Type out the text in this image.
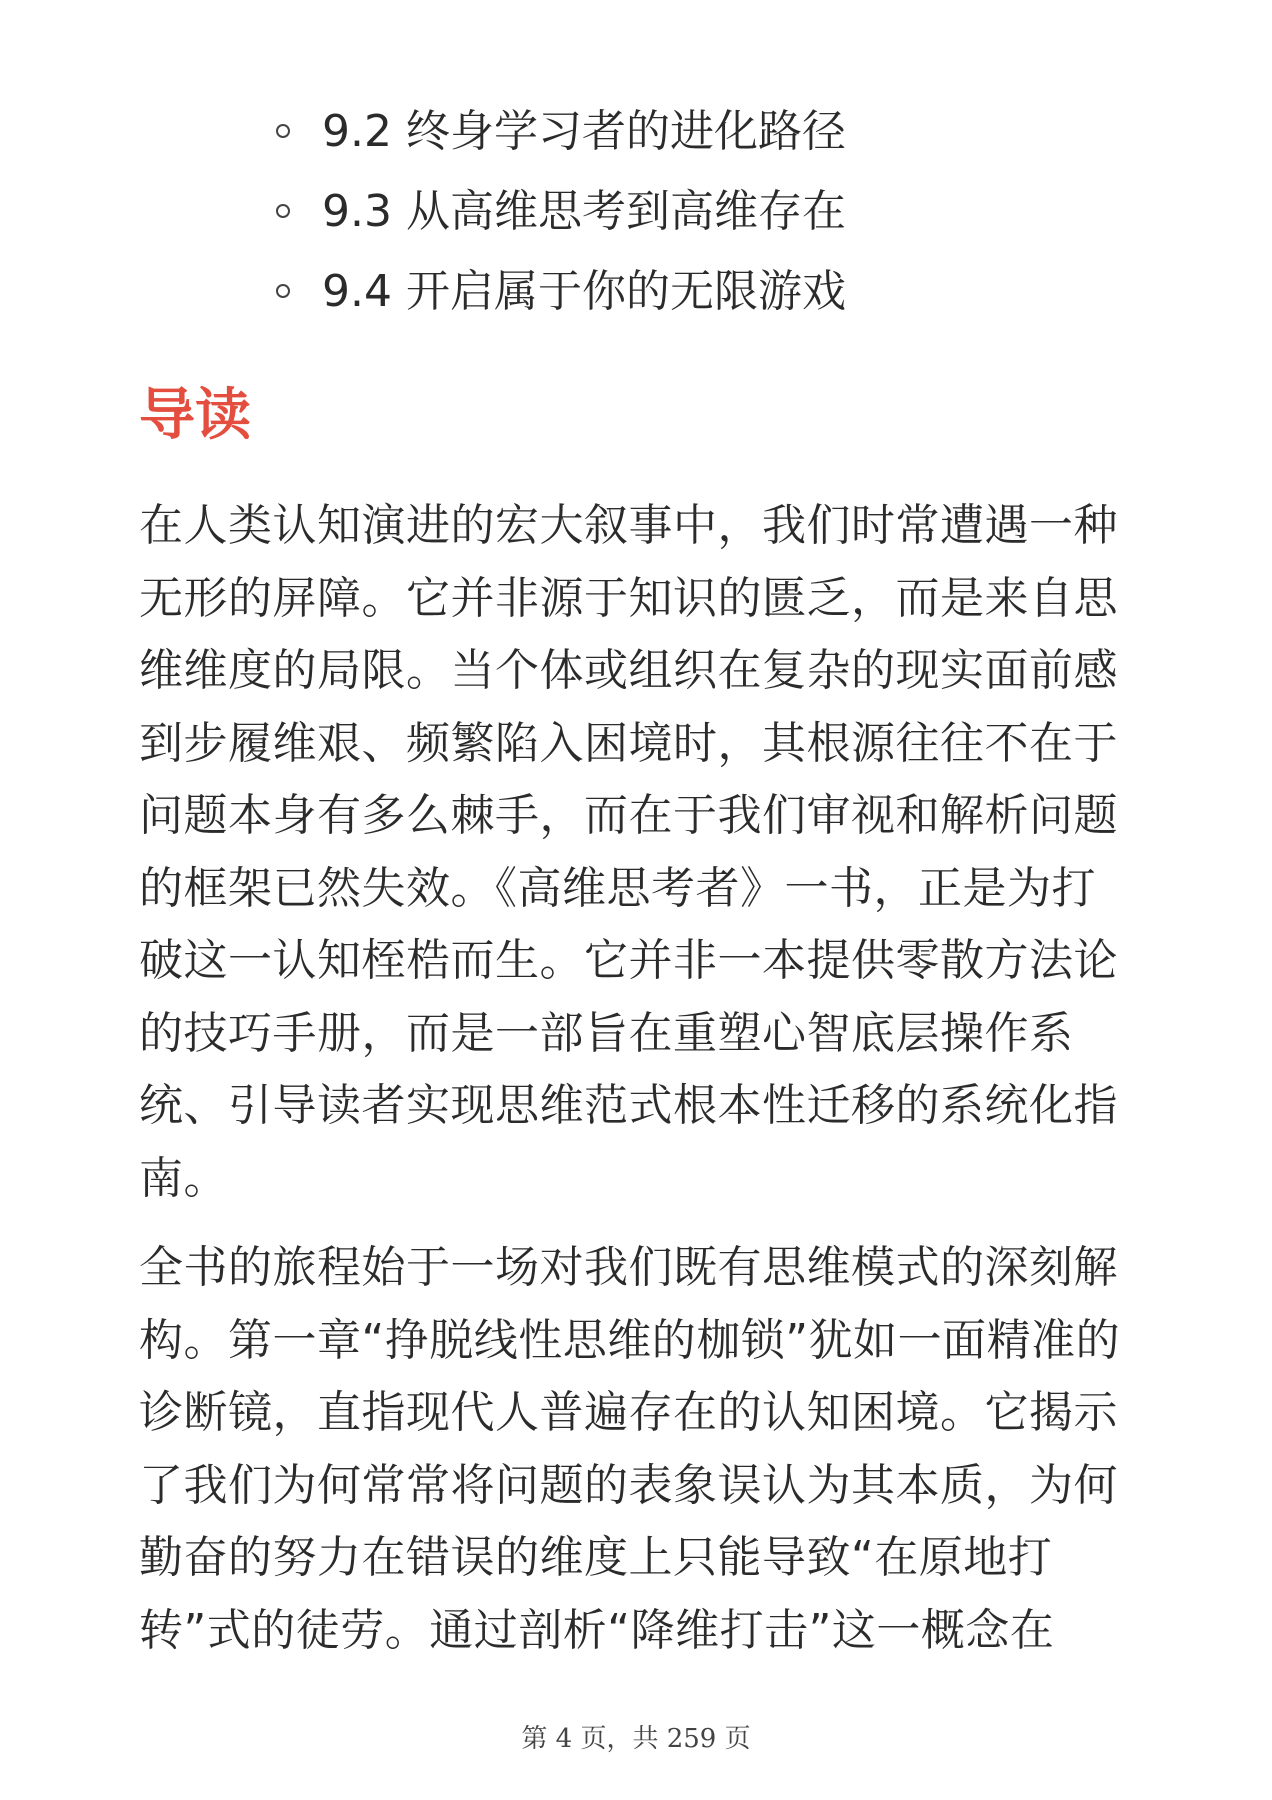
9.2 终身学习者的进化路径
9.3 从高维思考到高维存在
9.4 开启属于你的无限游戏
导读

在人类认知演进的宏大叙事中，我们时常遭遇一种无形的屏障。它并非源于知识的匮乏，而是来自思维维度的局限。当个体或组织在复杂的现实面前感到步履维艰、频繁陷入困境时，其根源往往不在于问题本身有多么棘手，而在于我们审视和解析问题的框架已然失效。《高维思考者》一书，正是为打破这一认知桎梏而生。它并非一本提供零散方法论的技巧手册，而是一部旨在重塑心智底层操作系统、引导读者实现思维范式根本性迁移的系统化指南。

全书的旅程始于一场对我们既有思维模式的深刻解构。第一章“挣脱线性思维的枷锁”犹如一面精准的诊断镜，直指现代人普遍存在的认知困境。它揭示了我们为何常常将问题的表象误认为其本质，为何勤奋的努力在错误的维度上只能导致“在原地打转”式的徒劳。通过剖析“降维打击”这一概念在

第 4 页，共 259 页
